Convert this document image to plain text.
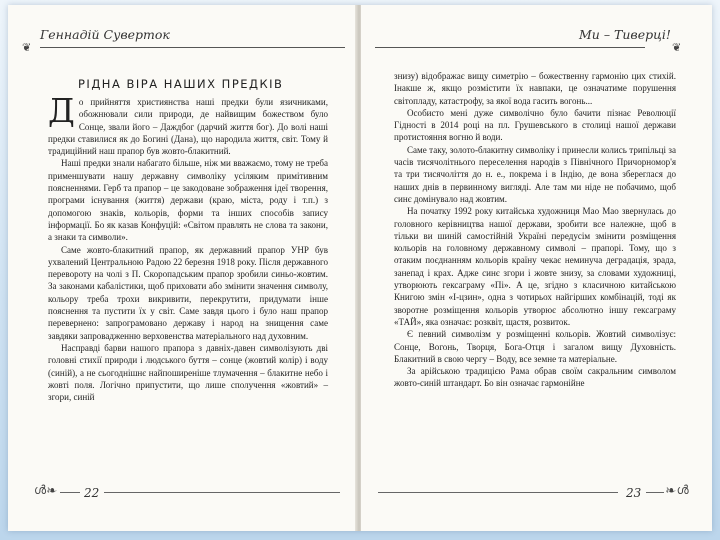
❦
Геннадій Суверток
РІДНА ВІРА НАШИХ ПРЕДКІВ

До прийняття християнства наші предки були язичниками, обожнювали сили природи, де найвищим божеством було Сонце, звали його – Даждбог (дарчий життя бог). До волі наші предки ставилися як до Богині (Дана), що народила життя, світ. Тому й традиційний наш прапор був жовто-блакитний.

Наші предки знали набагато більше, ніж ми вважаємо, тому не треба применшувати нашу державну символіку усіляким примітивним поясненнями. Герб та прапор – це закодоване зображення ідеї творення, програми існування (життя) держави (краю, міста, роду і т.п.) з допомогою знаків, кольорів, форми та інших способів запису інформації. Бо як казав Конфуцій: «Світом правлять не слова та закони, а знаки та символи».

Саме жовто-блакитний прапор, як державний прапор УНР був ухвалений Центральною Радою 22 березня 1918 року. Після державного перевороту на чолі з П. Скоропадським прапор зробили синьо-жовтим. За законами кабалістики, щоб приховати або змінити значення символу, кольору треба трохи викривити, перекрутити, придумати інше пояснення та пустити їх у світ. Саме завдя цього і було наш прапор перевернено: запрограмовано державу і народ на знищення саме завдяки запровадженню верховенства матеріального над духовним.

Насправді барви нашого прапора з давніх-давен символізують дві головні стихії природи і людського буття – сонце (жовтий колір) і воду (синій), а не сьогоднішнє найпоширеніше тлумачення – блакитне небо і жовті поля. Логічно припустити, що лише сполучення «жовтий» – згори, синій

ൾ❧ 22
Ми – Тиверці!
❦

знизу) відображає вищу симетрію – божественну гармонію цих стихій. Інакше ж, якщо розмістити їх навпаки, це означатиме порушення світопладу, катастрофу, за якої вода гасить вогонь...

Особисто мені дуже символічно було бачити пізнає Революції Гідності в 2014 році на пл. Грушевського в столиці нашої держави протистояння вогню й води.

Саме таку, золото-блакитну символіку і принесли колись трипільці за часів тисячолітнього переселення народів з Північного Причорномор'я та три тисячоліття до н. е., покрема і в Індію, де вона збереглася до наших днів в первинному вигляді. Але там ми ніде не побачимо, щоб синє домінувало над жовтим.

На початку 1992 року китайська художниця Мао Мао звернулась до головного керівництва нашої держави, зробити все належне, щоб в тільки ви шиній самостійній Україні передусім змінити розміщення кольорів на головному державному символі – прапорі. Тому, що з отаким поєднанням кольорів країну чекає неминуча деградація, зрада, занепад і крах. Адже синє згори і жовте знизу, за словами художниці, утворюють гексаграму «Пі». А це, згідно з класичною китайською Книгою змін «І-цзин», одна з чотирьох найгірших комбінацій, тоді як зворотне розміщення кольорів утворює абсолютно іншу гексаграму «ТАЙ», яка означає: розквіт, щастя, розвиток.

Є певний символізм у розміщенні кольорів. Жовтий символізує: Сонце, Вогонь, Творця, Бога-Отця і загалом вищу Духовність. Блакитний в свою чергу – Воду, все земне та матеріальне.

За арійською традицією Рама обрав своїм сакральним символом жовто-синій штандарт. Бо він означає гармонійне

23 ❧ൾ
